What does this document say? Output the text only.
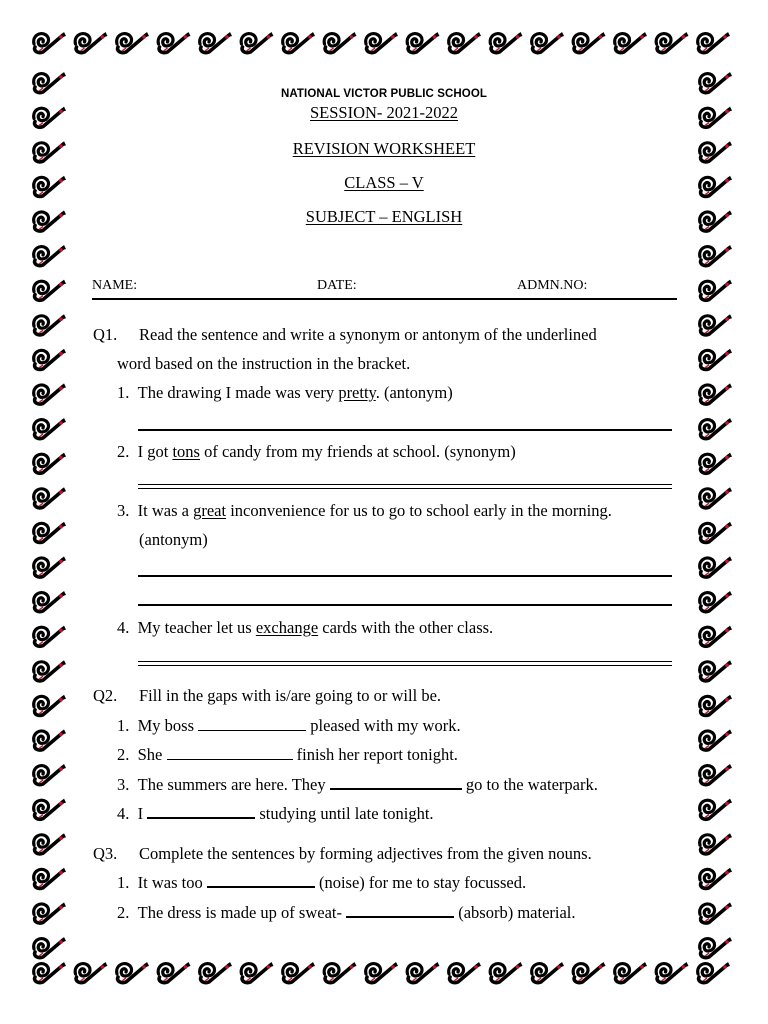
NATIONAL VICTOR PUBLIC SCHOOL
SESSION- 2021-2022
REVISION WORKSHEET
CLASS – V
SUBJECT – ENGLISH
NAME:	DATE:	ADMN.NO:
Q1. Read the sentence and write a synonym or antonym of the underlined
word based on the instruction in the bracket.
1. The drawing I made was very pretty. (antonym)
2. I got tons of candy from my friends at school. (synonym)
3. It was a great inconvenience for us to go to school early in the morning.
(antonym)
4. My teacher let us exchange cards with the other class.
Q2. Fill in the gaps with is/are going to or will be.
1. My boss	pleased with my work.
2. She	finish her report tonight.
3. The summers are here. They	go to the waterpark.
4. I	studying until late tonight.
Q3. Complete the sentences by forming adjectives from the given nouns.
1. It was too	(noise) for me to stay focussed.
2. The dress is made up of sweat-	(absorb) material.
